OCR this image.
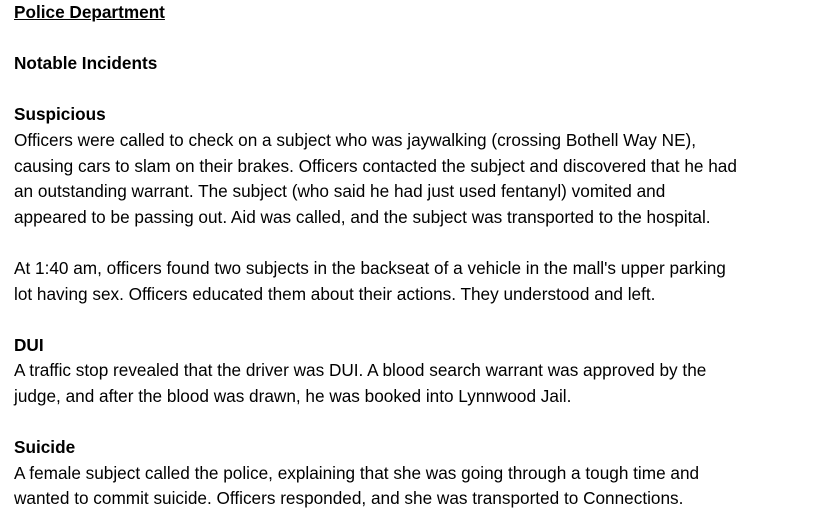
Police Department
Notable Incidents
Suspicious
Officers were called to check on a subject who was jaywalking (crossing Bothell Way NE),
causing cars to slam on their brakes. Officers contacted the subject and discovered that he had
an outstanding warrant. The subject (who said he had just used fentanyl) vomited and
appeared to be passing out. Aid was called, and the subject was transported to the hospital.
At 1:40 am, officers found two subjects in the backseat of a vehicle in the mall's upper parking
lot having sex. Officers educated them about their actions. They understood and left.
DUI
A traffic stop revealed that the driver was DUI. A blood search warrant was approved by the
judge, and after the blood was drawn, he was booked into Lynnwood Jail.
Suicide
A female subject called the police, explaining that she was going through a tough time and
wanted to commit suicide. Officers responded, and she was transported to Connections.
